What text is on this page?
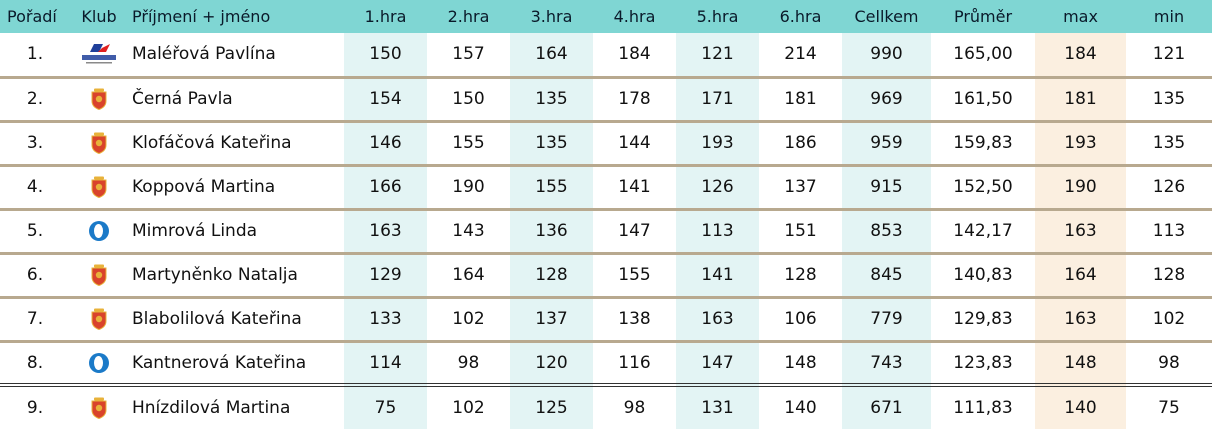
Pořadí	Klub	Příjmení + jméno	1.hra	2.hra	3.hra	4.hra	5.hra	6.hra	Cellkem	Průměr	max	min
1.		Maléřová Pavlína	150	157	164	184	121	214	990	165,00	184	121
2.		Černá Pavla	154	150	135	178	171	181	969	161,50	181	135
3.		Klofáčová Kateřina	146	155	135	144	193	186	959	159,83	193	135
4.		Koppová Martina	166	190	155	141	126	137	915	152,50	190	126
5.		Mimrová Linda	163	143	136	147	113	151	853	142,17	163	113
6.		Martyněnko Natalja	129	164	128	155	141	128	845	140,83	164	128
7.		Blabolilová Kateřina	133	102	137	138	163	106	779	129,83	163	102
8.		Kantnerová Kateřina	114	98	120	116	147	148	743	123,83	148	98
9.		Hnízdilová Martina	75	102	125	98	131	140	671	111,83	140	75
